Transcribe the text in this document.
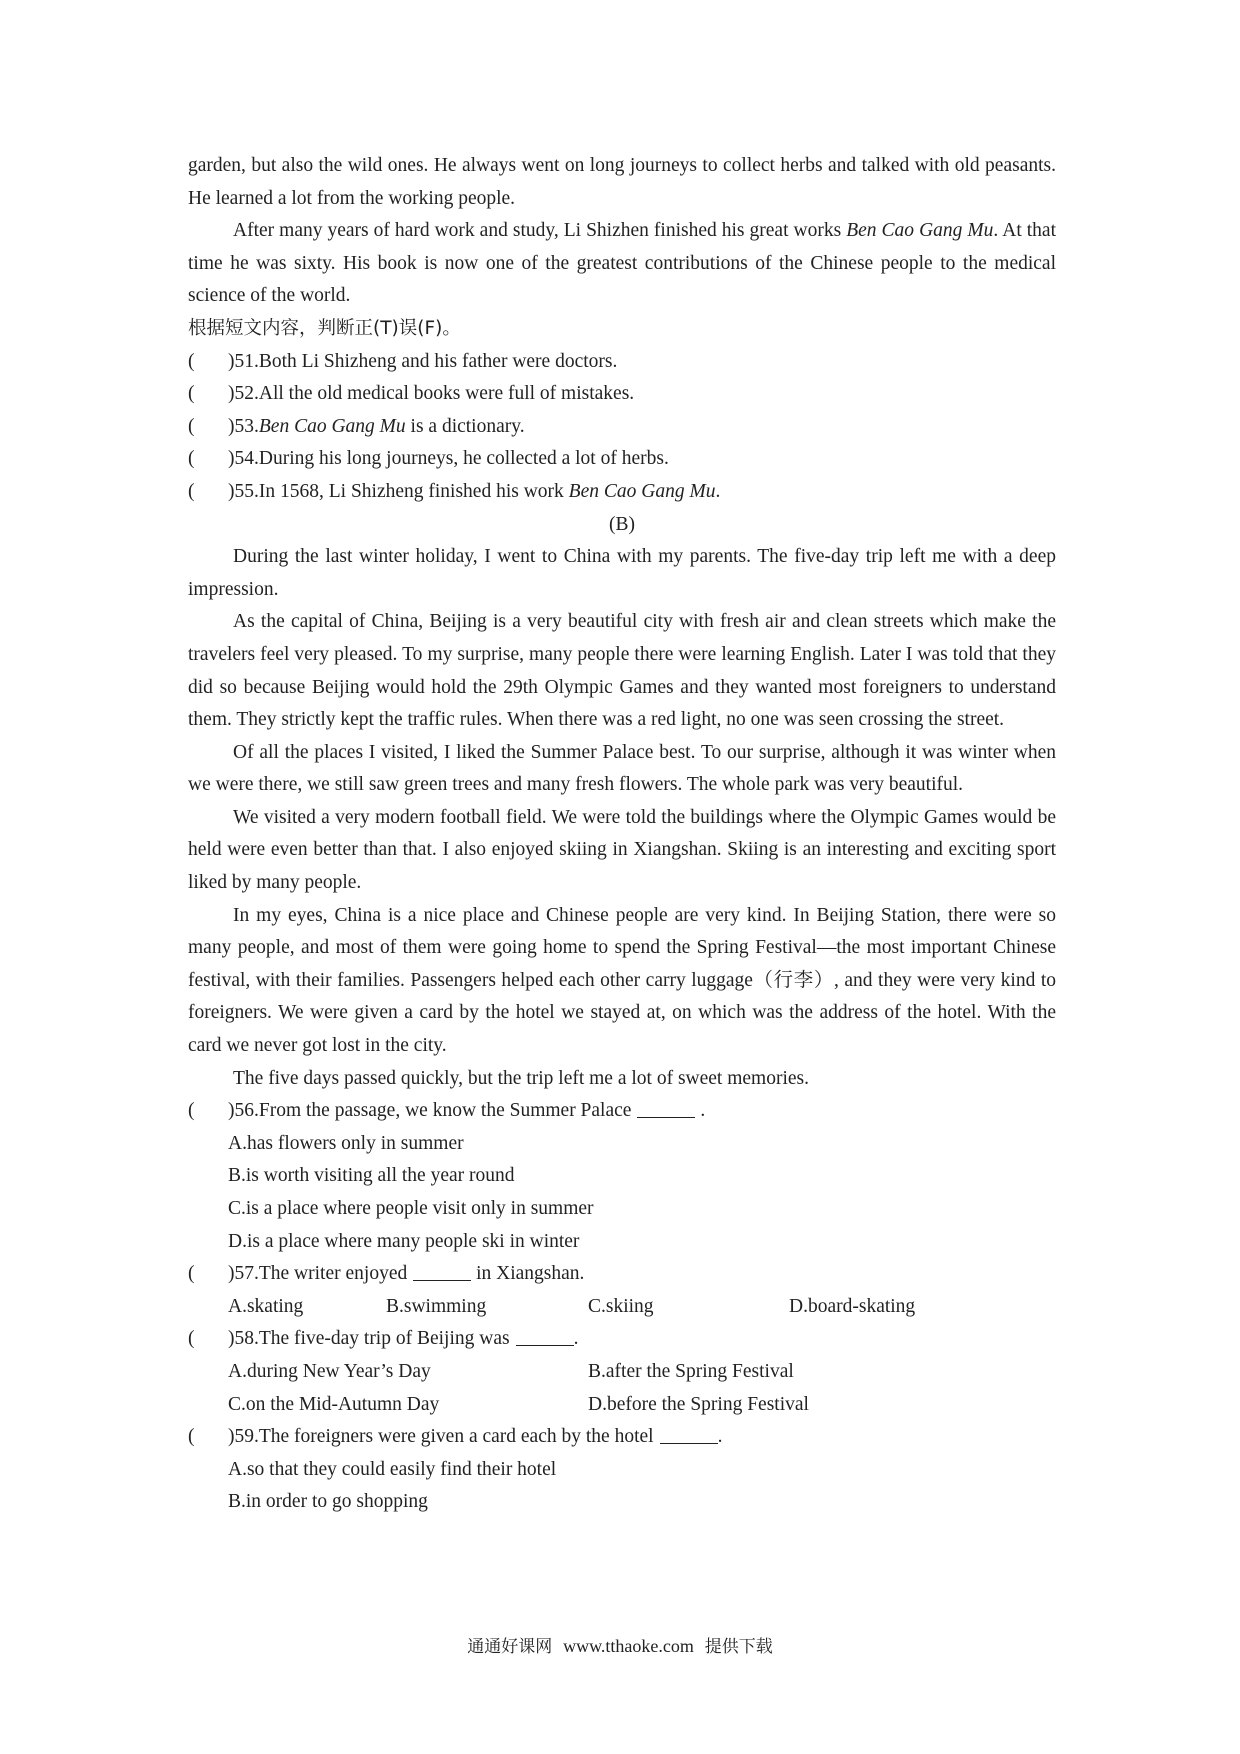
garden, but also the wild ones. He always went on long journeys to collect herbs and talked with old peasants. He learned a lot from the working people.

After many years of hard work and study, Li Shizhen finished his great works Ben Cao Gang Mu. At that time he was sixty. His book is now one of the greatest contributions of the Chinese people to the medical science of the world.

根据短文内容，判断正(T)误(F)。
( )51.Both Li Shizheng and his father were doctors.
( )52.All the old medical books were full of mistakes.
( )53.Ben Cao Gang Mu is a dictionary.
( )54.During his long journeys, he collected a lot of herbs.
( )55.In 1568, Li Shizheng finished his work Ben Cao Gang Mu.
(B)

During the last winter holiday, I went to China with my parents. The five-day trip left me with a deep impression.

As the capital of China, Beijing is a very beautiful city with fresh air and clean streets which make the travelers feel very pleased. To my surprise, many people there were learning English. Later I was told that they did so because Beijing would hold the 29th Olympic Games and they wanted most foreigners to understand them. They strictly kept the traffic rules. When there was a red light, no one was seen crossing the street.

Of all the places I visited, I liked the Summer Palace best. To our surprise, although it was winter when we were there, we still saw green trees and many fresh flowers. The whole park was very beautiful.

We visited a very modern football field. We were told the buildings where the Olympic Games would be held were even better than that. I also enjoyed skiing in Xiangshan. Skiing is an interesting and exciting sport liked by many people.

In my eyes, China is a nice place and Chinese people are very kind. In Beijing Station, there were so many people, and most of them were going home to spend the Spring Festival—the most important Chinese festival, with their families. Passengers helped each other carry luggage（行李）, and they were very kind to foreigners. We were given a card by the hotel we stayed at, on which was the address of the hotel. With the card we never got lost in the city.

The five days passed quickly, but the trip left me a lot of sweet memories.

( )56.From the passage, we know the Summer Palace	.
A.has flowers only in summer
B.is worth visiting all the year round
C.is a place where people visit only in summer
D.is a place where many people ski in winter
( )57.The writer enjoyed	in Xiangshan.
A.skating	B.swimming	C.skiing	D.board-skating
( )58.The five-day trip of Beijing was	.
A.during New Year’s Day	B.after the Spring Festival
C.on the Mid-Autumn Day	D.before the Spring Festival
( )59.The foreigners were given a card each by the hotel	.
A.so that they could easily find their hotel
B.in order to go shopping
通通好课网 www.tthaoke.com 提供下载
